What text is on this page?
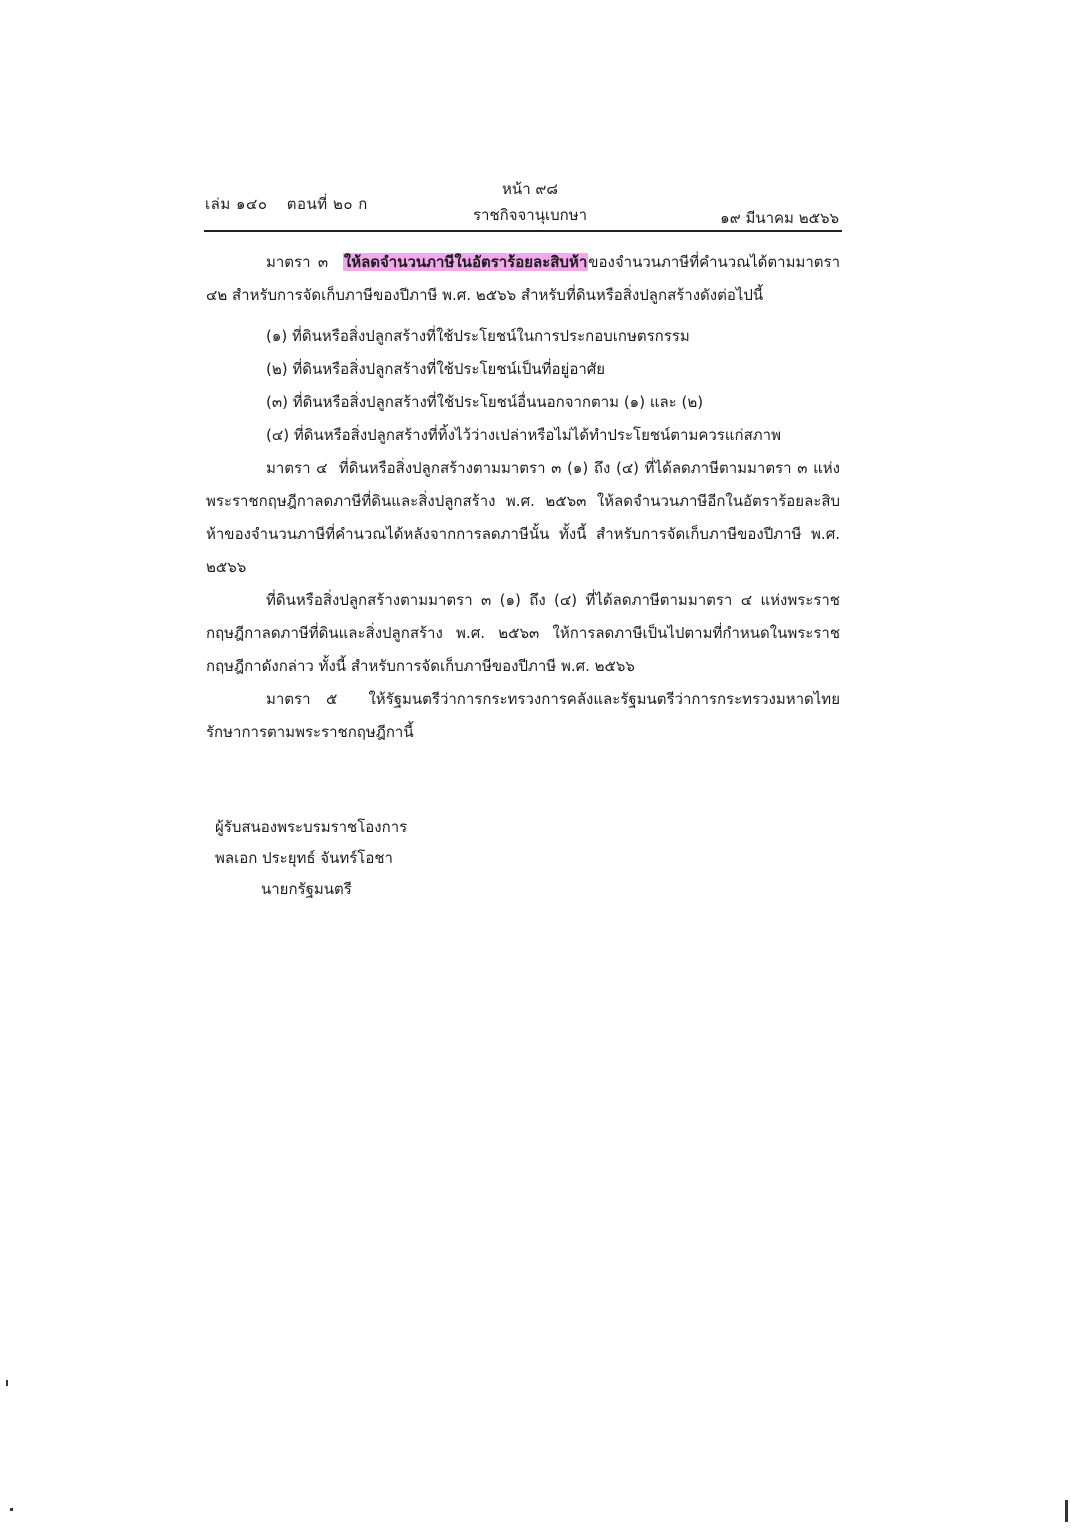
เล่ม ๑๔๐ ตอนที่ ๒๐ ก
หน้า ๙๘
ราชกิจจานุเบกษา	๑๙ มีนาคม ๒๕๖๖

มาตรา ๓ ให้ลดจำนวนภาษีในอัตราร้อยละสิบห้าของจำนวนภาษีที่คำนวณได้ตามมาตรา ๔๒ สำหรับการจัดเก็บภาษีของปีภาษี พ.ศ. ๒๕๖๖ สำหรับที่ดินหรือสิ่งปลูกสร้างดังต่อไปนี้

(๑) ที่ดินหรือสิ่งปลูกสร้างที่ใช้ประโยชน์ในการประกอบเกษตรกรรม

(๒) ที่ดินหรือสิ่งปลูกสร้างที่ใช้ประโยชน์เป็นที่อยู่อาศัย

(๓) ที่ดินหรือสิ่งปลูกสร้างที่ใช้ประโยชน์อื่นนอกจากตาม (๑) และ (๒)

(๔) ที่ดินหรือสิ่งปลูกสร้างที่ทิ้งไว้ว่างเปล่าหรือไม่ได้ทำประโยชน์ตามควรแก่สภาพ

มาตรา ๔ ที่ดินหรือสิ่งปลูกสร้างตามมาตรา ๓ (๑) ถึง (๔) ที่ได้ลดภาษีตามมาตรา ๓ แห่งพระราชกฤษฎีกาลดภาษีที่ดินและสิ่งปลูกสร้าง พ.ศ. ๒๕๖๓ ให้ลดจำนวนภาษีอีกในอัตราร้อยละสิบห้าของจำนวนภาษีที่คำนวณได้หลังจากการลดภาษีนั้น ทั้งนี้ สำหรับการจัดเก็บภาษีของปีภาษี พ.ศ. ๒๕๖๖

ที่ดินหรือสิ่งปลูกสร้างตามมาตรา ๓ (๑) ถึง (๔) ที่ได้ลดภาษีตามมาตรา ๔ แห่งพระราชกฤษฎีกาลดภาษีที่ดินและสิ่งปลูกสร้าง พ.ศ. ๒๕๖๓ ให้การลดภาษีเป็นไปตามที่กำหนดในพระราชกฤษฎีกาดังกล่าว ทั้งนี้ สำหรับการจัดเก็บภาษีของปีภาษี พ.ศ. ๒๕๖๖

มาตรา ๕ ให้รัฐมนตรีว่าการกระทรวงการคลังและรัฐมนตรีว่าการกระทรวงมหาดไทยรักษาการตามพระราชกฤษฎีกานี้

ผู้รับสนองพระบรมราชโองการ
พลเอก ประยุทธ์ จันทร์โอชา
นายกรัฐมนตรี
